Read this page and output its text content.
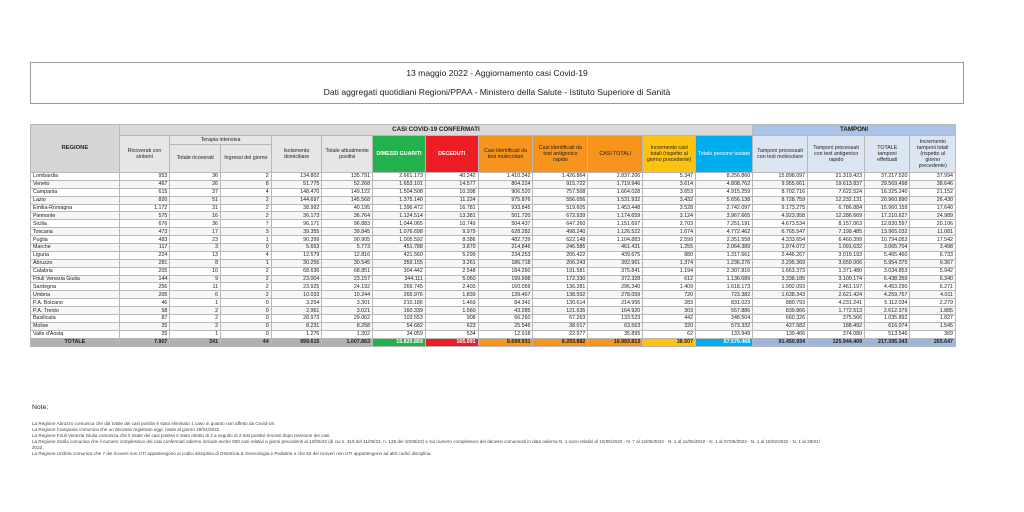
13 maggio 2022 - Aggiornamento casi Covid-19
Dati aggregati quotidiani Regioni/PPAA - Ministero della Salute - Istituto Superiore di Sanità
REGIONE	CASI COVID-19 CONFERMATI												TAMPONI			
	Ricoverati con sintomi	Terapia intensiva		Isolamento domiciliare	Totale attualmente positivi	DIMESSI GUARITI	DECEDUTI	Casi identificati da test molecolare	Casi identificati da test antigenico rapido	CASI TOTALI	Incremento casi totali (rispetto al giorno precedente)	Totale persone testate	Tamponi processati con test molecolare	Tamponi processati con test antigenico rapido	TOTALE tamponi effettuati	Incremento tamponi totali (rispetto al giorno precedente)
		Totale ricoverati	Ingressi del giorno													
Lombardia	953	36	2	134.802	135.791	2.661.173	40.242	1.410.342	1.426.864	2.837.206	5.347	8.256.860	15.898.097	21.319.423	37.217.520	37.994
Veneto	467	26	8	51.775	52.268	1.653.101	14.577	804.224	915.722	1.719.946	3.614	4.808.762	9.955.661	19.613.837	29.569.498	38.646
Campania	615	37	4	148.470	149.122	1.504.508	10.398	906.520	757.508	1.664.028	3.653	4.915.259	8.702.716	7.622.524	16.325.240	21.152
Lazio	820	51	2	144.697	145.568	1.375.140	11.224	975.876	556.056	1.531.932	3.432	5.656.138	8.728.759	12.232.131	20.960.890	26.430
Emilia-Romagna	1.172	31	2	38.992	40.195	1.396.472	16.781	933.845	519.605	1.453.448	3.528	2.742.097	9.173.275	6.786.884	15.960.159	17.640
Piemonte	575	16	2	36.173	36.764	1.124.514	13.381	501.720	672.939	1.174.659	3.124	3.967.665	4.923.958	12.286.669	17.210.627	24.989
Sicilia	676	36	7	96.171	96.883	1.044.065	10.749	504.437	647.260	1.151.697	2.703	7.251.191	4.673.534	8.157.063	12.830.597	20.106
Toscana	473	17	3	39.355	39.845	1.076.698	9.979	628.282	498.240	1.126.522	1.674	4.772.462	6.765.547	7.199.485	13.965.032	11.081
Puglia	483	23	1	90.399	90.905	1.005.592	8.386	482.739	622.148	1.104.883	2.599	2.351.558	4.333.654	6.460.399	10.794.053	17.542
Marche	117	3	0	5.653	5.773	451.788	3.870	214.846	246.585	461.431	1.255	2.064.389	1.974.072	1.091.632	3.065.704	3.498
Liguria	224	13	4	12.579	12.816	421.560	5.299	234.253	205.422	439.675	880	1.317.661	2.446.267	3.019.193	5.465.460	6.733
Abruzzo	281	8	1	30.256	30.545	359.155	3.261	186.718	206.243	392.961	1.374	1.236.276	2.295.369	3.659.006	5.954.375	9.367
Calabria	205	10	2	68.636	68.851	304.442	2.548	184.260	191.581	375.841	1.194	2.307.816	1.663.373	1.371.480	3.034.853	5.942
Friuli Venezia Giulia	144	9	2	23.004	23.157	344.111	5.060	199.998	172.330	372.328	612	1.136.089	3.338.185	3.100.174	6.438.359	6.340
Sardegna	256	11	2	23.925	24.192	269.745	2.403	160.059	136.281	296.340	1.409	1.618.173	1.992.093	2.461.197	4.453.290	6.271
Umbria	205	6	2	10.033	10.244	265.976	1.839	139.467	138.592	278.059	720	723.382	1.638.343	2.621.424	4.259.767	4.011
P.A. Bolzano	46	1	0	3.254	3.301	210.186	1.469	84.342	130.614	214.956	283	831.023	880.793	4.231.241	5.112.034	2.279
P.A. Trento	58	2	0	2.961	3.021	160.339	1.560	43.285	121.635	164.920	303	557.886	839.866	1.772.513	2.612.379	1.885
Basilicata	87	2	0	28.973	29.062	103.553	908	66.260	67.263	133.523	442	348.504	660.326	375.566	1.035.892	1.827
Molise	25	2	0	8.231	8.258	54.682	623	25.546	38.017	63.563	320	573.332	427.582	188.492	616.074	1.545
Valle d'Aosta	25	1	0	1.276	1.302	34.059	534	12.918	22.977	35.895	62	133.949	139.466	374.080	513.546	369
TOTALE	7.907	341	44	999.615	1.007.863	15.820.859	165.091	8.699.931	8.293.882	16.993.813	38.507	57.570.468	91.450.934	125.944.409	217.395.343	265.647
Note:
La Regione Abruzzo comunica che dal totale dei casi positivi è stato eliminato 1 caso in quanto non affetto da Covid-19.
La Regione Campania comunica che un decesso registrato oggi, risale al giorno 29/04/2022.
La Regione Friuli Venezia Giulia comunica che il totale dei casi positivi è stato ridotto di 2 a seguito di 2 test positivi rimossi dopo revisione dei casi.
La Regione Sicilia comunica che il numero complessivo dei casi confermati odierno include anche 830 casi relativi a giorni precedenti al 12/05/22 (di cui n. 319 del 11/05/22, n. 128 del 10/05/22) e sul numero complessivo dei decessi comunicati in data odierna N. 1 sono relativi al 10/05/2022 - N. 7 al 12/05/2022 - N. 1 al 11/05/2022 - N. 1 al 07/05/2022 - N. 1 al 18/02/2022 - N. 1 al 28/01/
2022.
La Regione Umbria comunica che 7 dei ricoveri non UTI appartengono ai codici disciplina di Ostetricia & Ginecologia e Pediatria e che 62 dei ricoveri non UTI appartengono ad altri codici disciplina.
